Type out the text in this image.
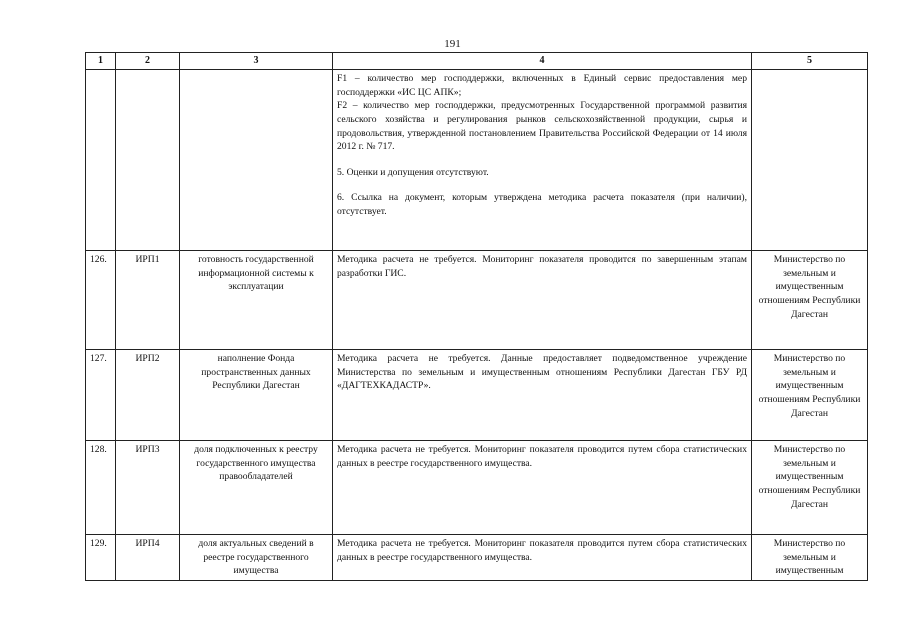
191
1	2	3	4	5

			F1 – количество мер господдержки, включенных в Единый сервис предоставления мер господдержки «ИС ЦС АПК»;

F2 – количество мер господдержки, предусмотренных Государственной программой развития сельского хозяйства и регулирования рынков сельскохозяйственной продукции, сырья и продовольствия, утвержденной постановлением Правительства Российской Федерации от 14 июля 2012 г. № 717.

5. Оценки и допущения отсутствуют.

6. Ссылка на документ, которым утверждена методика расчета показателя (при наличии), отсутствует.	

126.	ИРП1	готовность государственной информационной системы к эксплуатации	Методика расчета не требуется. Мониторинг показателя проводится по завершенным этапам разработки ГИС.	Министерство по земельным и имущественным отношениям Республики Дагестан
127.	ИРП2	наполнение Фонда пространственных данных Республики Дагестан	Методика расчета не требуется. Данные предоставляет подведомственное учреждение Министерства по земельным и имущественным отношениям Республики Дагестан ГБУ РД «ДАГТЕХКАДАСТР».	Министерство по земельным и имущественным отношениям Республики Дагестан
128.	ИРП3	доля подключенных к реестру государственного имущества правообладателей	Методика расчета не требуется. Мониторинг показателя проводится путем сбора статистических данных в реестре государственного имущества.	Министерство по земельным и имущественным отношениям Республики Дагестан
129.	ИРП4	доля актуальных сведений в реестре государственного имущества	Методика расчета не требуется. Мониторинг показателя проводится путем сбора статистических данных в реестре государственного имущества.	Министерство по земельным и имущественным
